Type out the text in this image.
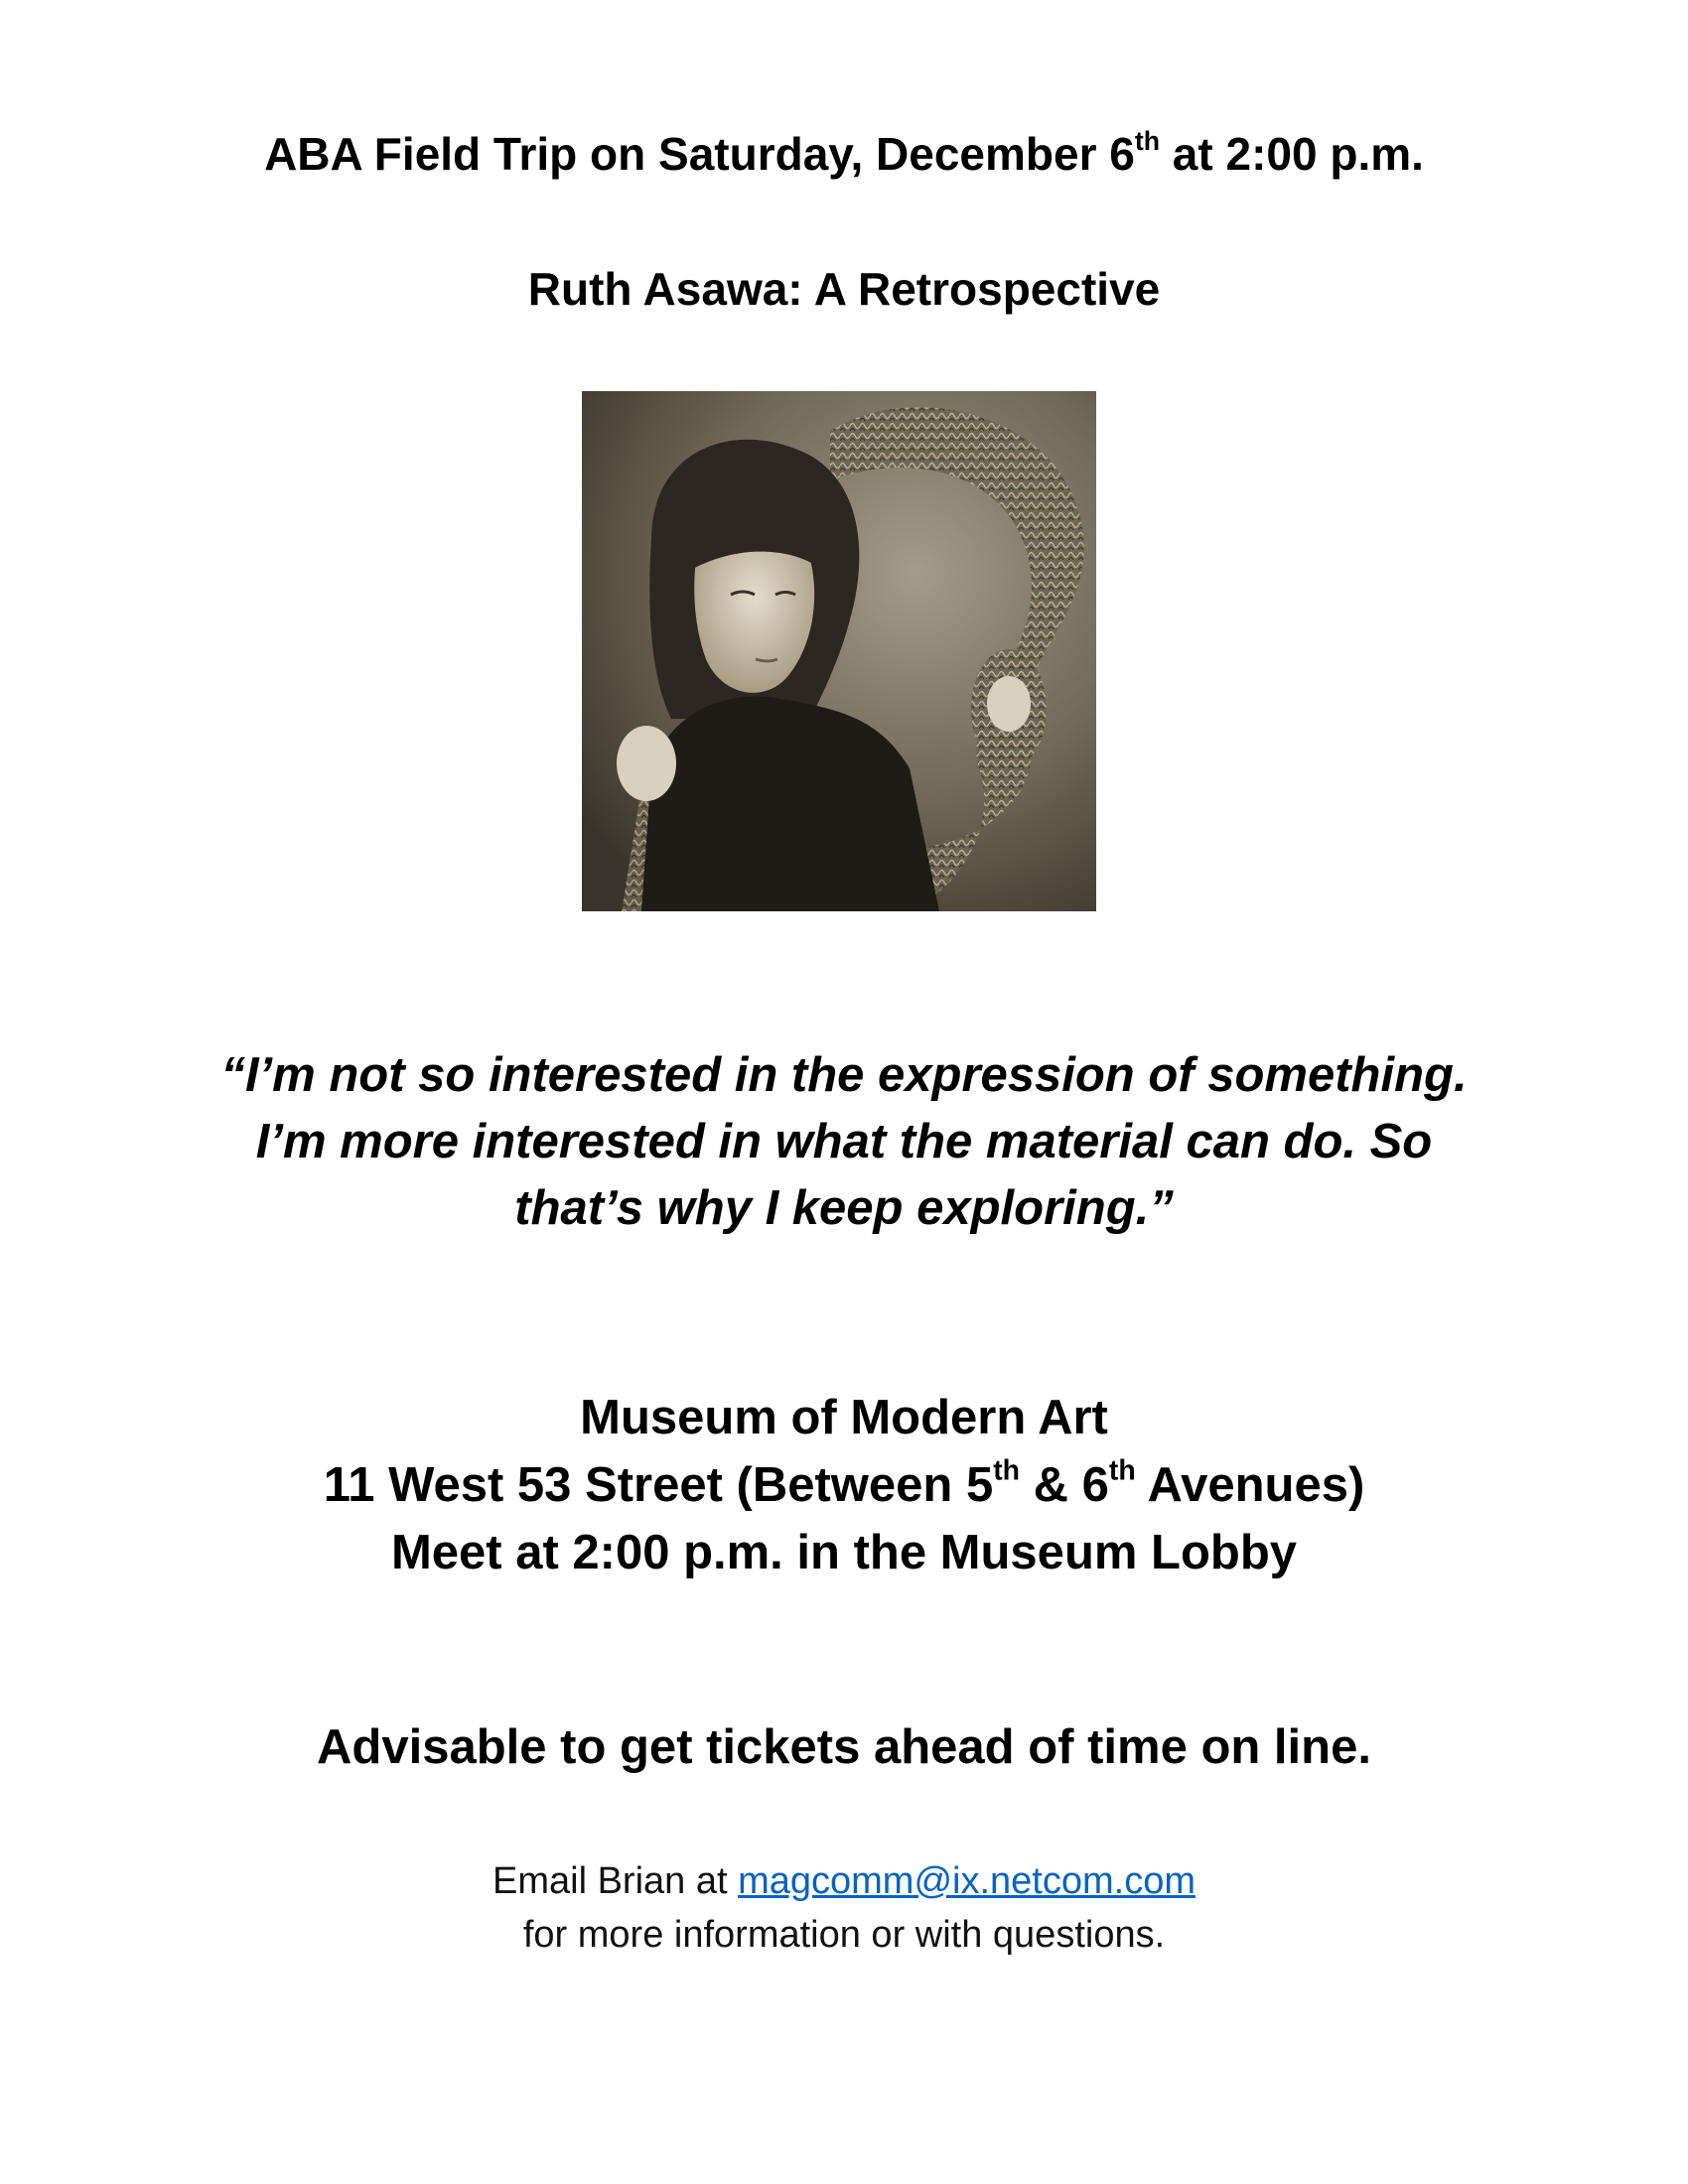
ABA Field Trip on Saturday, December 6th at 2:00 p.m.
Ruth Asawa: A Retrospective
“I’m not so interested in the expression of something.
I’m more interested in what the material can do. So
that’s why I keep exploring.”
Museum of Modern Art
11 West 53 Street (Between 5th & 6th Avenues)
Meet at 2:00 p.m. in the Museum Lobby
Advisable to get tickets ahead of time on line.
Email Brian at magcomm@ix.netcom.com
for more information or with questions.
